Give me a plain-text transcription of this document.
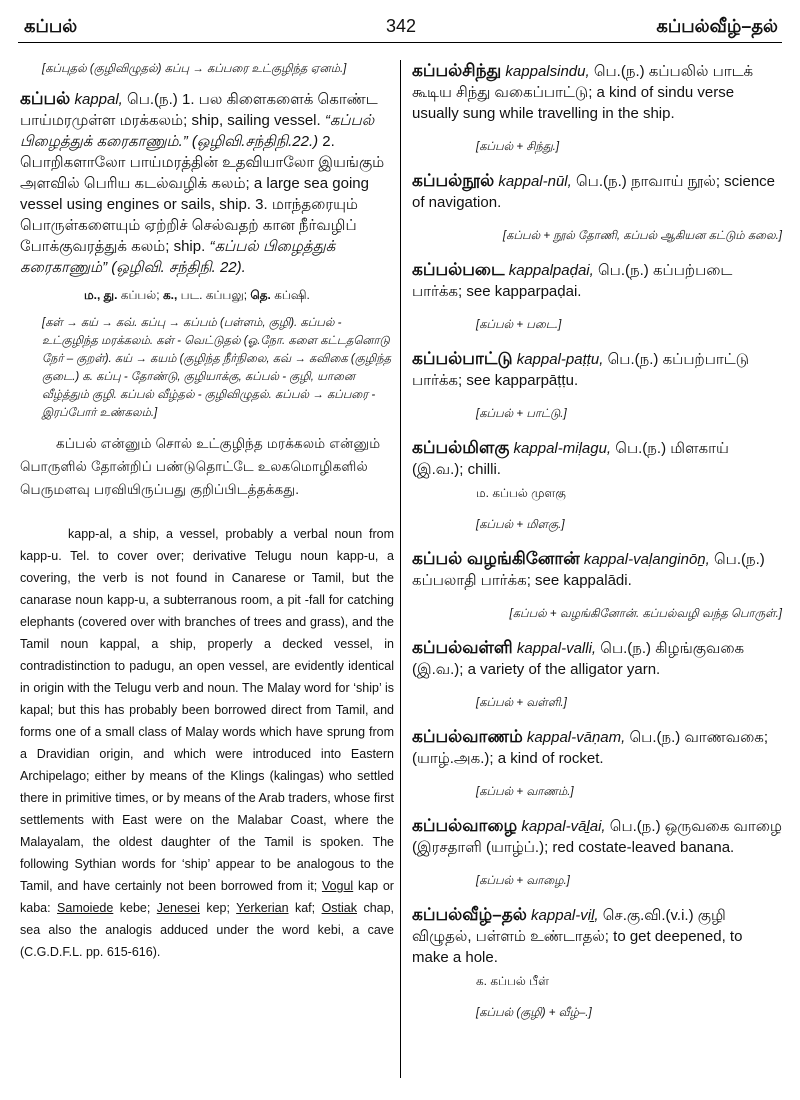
கப்பல்	342	கப்பல்வீழ்–தல்

[கப்புதல் (குழிவிழுதல்) கப்பு → கப்பரை உட்குழிந்த ஏனம்.]

கப்பல் kappal, பெ.(ந.) 1. பல கிளைகளைக் கொண்ட பாய்மரமுள்ள மரக்கலம்; ship, sailing vessel. “கப்பல் பிழைத்துக் கரைகாணும்.” (ஒழிவி.சந்திநி.22.) 2. பொறிகளாலோ பாய்மரத்தின் உதவியாலோ இயங்கும் அளவில் பெரிய கடல்வழிக் கலம்; a large sea going vessel using engines or sails, ship. 3. மாந்தரையும் பொருள்களையும் ஏற்றிச் செல்வதற் கான நீர்வழிப் போக்குவரத்துக் கலம்; ship. “கப்பல் பிழைத்துக் கரைகாணும்” (ஒழிவி. சந்திநி. 22).

ம., து. கப்பல்; க., பட. கப்பலு; தெ. கப்ஷி.

[கள் → கய் → கவ். கப்பு → கப்பம் (பள்ளம், குழி). கப்பல் ‐ உட்குழிந்த மரக்கலம். கள் ‐ வெட்டுதல் (ஓ.நோ. களை கட்டதனொடு நேர் – குறள்). கய் → கயம் (குழிந்த நீர்நிலை, கவ் → கவிகை (குழிந்த குடை.) க. கப்பு ‐ தோண்டு, குழியாக்கு, கப்பல் ‐ குழி, யானை வீழ்த்தும் குழி. கப்பல் வீழ்தல் ‐ குழிவிழுதல். கப்பல் → கப்பரை ‐ இரப்போர் உண்கலம்.]

கப்பல் என்னும் சொல் உட்குழிந்த மரக்கலம் என்னும் பொருளில் தோன்றிப் பண்டுதொட்டே உலகமொழிகளில் பெருமளவு பரவியிருப்பது குறிப்பிடத்தக்கது.

kapp-al, a ship, a vessel, probably a verbal noun from kapp-u. Tel. to cover over; derivative Telugu noun kapp-u, a covering, the verb is not found in Canarese or Tamil, but the canarase noun kapp-u, a subterranous room, a pit -fall for catching elephants (covered over with branches of trees and grass), and the Tamil noun kappal, a ship, properly a decked vessel, in contradistinction to padugu, an open vessel, are evidently identical in origin with the Telugu verb and noun. The Malay word for ‘ship’ is kapal; but this has probably been borrowed direct from Tamil, and forms one of a small class of Malay words which have sprung from a Dravidian origin, and which were introduced into Eastern Archipelago; either by means of the Klings (kalingas) who settled there in primitive times, or by means of the Arab traders, whose first settlements with East were on the Malabar Coast, where the Malayalam, the oldest daughter of the Tamil is spoken. The following Sythian words for ‘ship’ appear to be analogous to the Tamil, and have certainly not been borrowed from it; Vogul kap or kaba: Samoiede kebe; Jenesei kep; Yerkerian kaf; Ostiak chap, sea also the analogis adduced under the word kebi, a cave (C.G.D.F.L. pp. 615-616).

கப்பல்சிந்து kappalsindu, பெ.(ந.) கப்பலில் பாடக் கூடிய சிந்து வகைப்பாட்டு; a kind of sindu verse usually sung while travelling in the ship.

[கப்பல் + சிந்து.]

கப்பல்நூல் kappal-nūl, பெ.(ந.) நாவாய் நூல்; science of navigation.

[கப்பல் + நூல் தோணி, கப்பல் ஆகியன கட்டும் கலை.]

கப்பல்படை kappalpaḍai, பெ.(ந.) கப்பற்படை பார்க்க; see kapparpaḍai.

[கப்பல் + படை.]

கப்பல்பாட்டு kappal-paṭṭu, பெ.(ந.) கப்பற்பாட்டு பார்க்க; see kapparpāṭṭu.

[கப்பல் + பாட்டு.]

கப்பல்மிளகு kappal-miḷagu, பெ.(ந.) மிளகாய் (இ.வ.); chilli.

ம. கப்பல் முளகு

[கப்பல் + மிளகு.]

கப்பல் வழங்கினோன் kappal-vaḷanginōṉ, பெ.(ந.) கப்பலாதி பார்க்க; see kappalādi.

[கப்பல் + வழங்கினோன். கப்பல்வழி வந்த பொருள்.]

கப்பல்வள்ளி kappal-valli, பெ.(ந.) கிழங்குவகை (இ.வ.); a variety of the alligator yarn.

[கப்பல் + வள்ளி.]

கப்பல்வாணம் kappal-vāṇam, பெ.(ந.) வாணவகை; (யாழ்.அக.); a kind of rocket.

[கப்பல் + வாணம்.]

கப்பல்வாழை kappal-vāḻai, பெ.(ந.) ஒருவகை வாழை (இரசதாளி (யாழ்ப்.); red costate-leaved banana.

[கப்பல் + வாழை.]

கப்பல்வீழ்–தல் kappal-viḻ, செ.கு.வி.(v.i.) குழி விழுதல், பள்ளம் உண்டாதல்; to get deepened, to make a hole.

க. கப்பல் பீள்

[கப்பல் (குழி) + வீழ்–.]
